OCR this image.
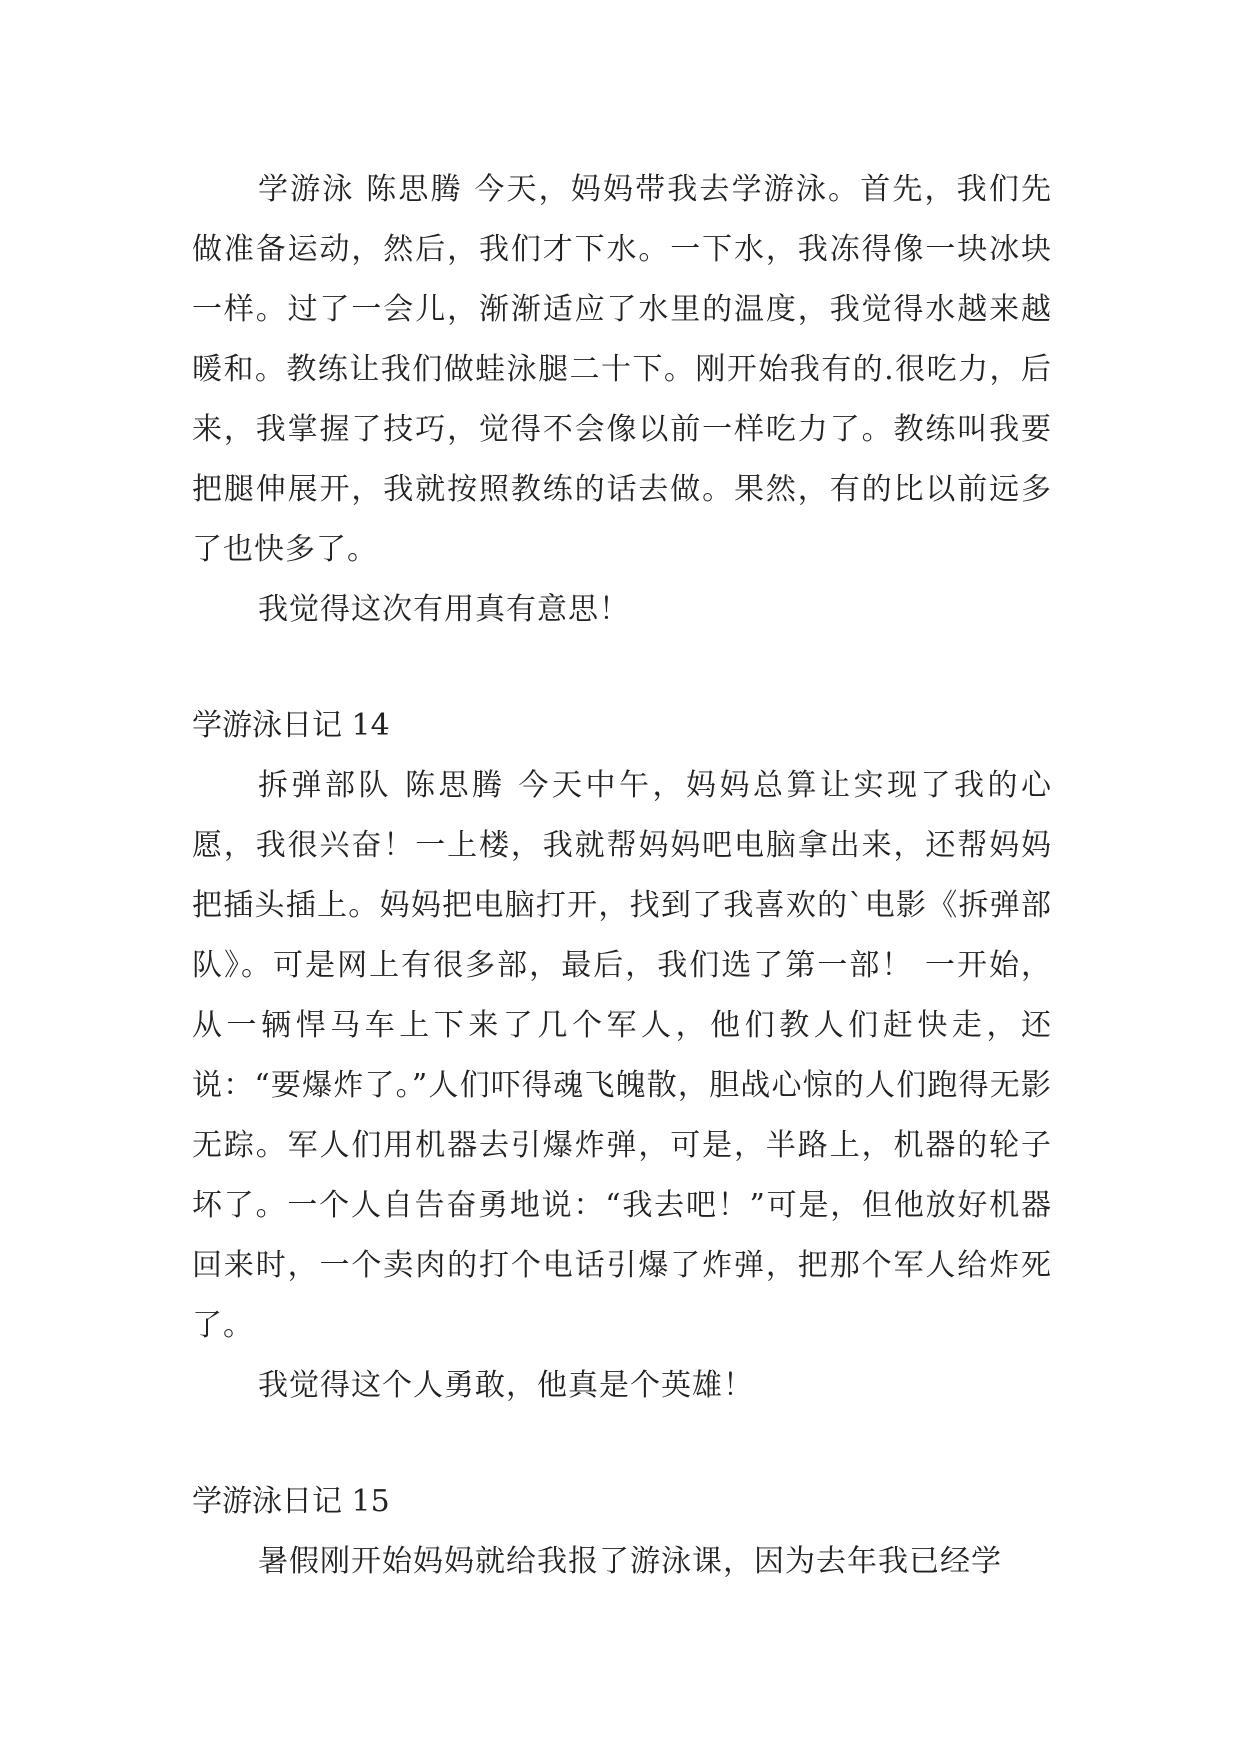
学游泳 陈思腾 今天，妈妈带我去学游泳。首先，我们先做准备运动，然后，我们才下水。一下水，我冻得像一块冰块一样。过了一会儿，渐渐适应了水里的温度，我觉得水越来越暖和。教练让我们做蛙泳腿二十下。刚开始我有的.很吃力，后来，我掌握了技巧，觉得不会像以前一样吃力了。教练叫我要把腿伸展开，我就按照教练的话去做。果然，有的比以前远多了也快多了。

我觉得这次有用真有意思！

学游泳日记 14

拆弹部队 陈思腾 今天中午，妈妈总算让实现了我的心愿，我很兴奋！一上楼，我就帮妈妈吧电脑拿出来，还帮妈妈把插头插上。妈妈把电脑打开，找到了我喜欢的`电影《拆弹部队》。可是网上有很多部，最后，我们选了第一部！ 一开始，从一辆悍马车上下来了几个军人，他们教人们赶快走，还说：“要爆炸了。”人们吓得魂飞魄散，胆战心惊的人们跑得无影无踪。军人们用机器去引爆炸弹，可是，半路上，机器的轮子坏了。一个人自告奋勇地说：“我去吧！”可是，但他放好机器回来时，一个卖肉的打个电话引爆了炸弹，把那个军人给炸死了。

我觉得这个人勇敢，他真是个英雄！

学游泳日记 15

暑假刚开始妈妈就给我报了游泳课，因为去年我已经学
